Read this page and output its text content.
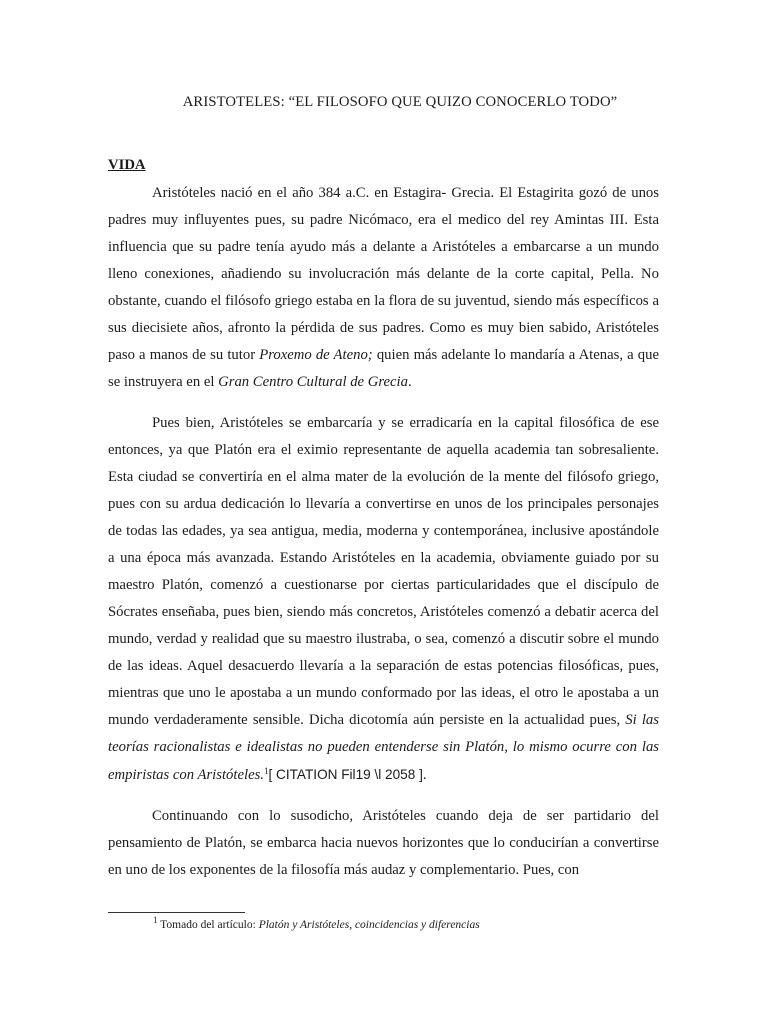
ARISTOTELES: “EL FILOSOFO QUE QUIZO CONOCERLO TODO”
VIDA

Aristóteles nació en el año 384 a.C. en Estagira- Grecia. El Estagirita gozó de unos padres muy influyentes pues, su padre Nicómaco, era el medico del rey Amintas III. Esta influencia que su padre tenía ayudo más a delante a Aristóteles a embarcarse a un mundo lleno conexiones, añadiendo su involucración más delante de la corte capital, Pella. No obstante, cuando el filósofo griego estaba en la flora de su juventud, siendo más específicos a sus diecisiete años, afronto la pérdida de sus padres. Como es muy bien sabido, Aristóteles paso a manos de su tutor Proxemo de Ateno; quien más adelante lo mandaría a Atenas, a que se instruyera en el Gran Centro Cultural de Grecia.

Pues bien, Aristóteles se embarcaría y se erradicaría en la capital filosófica de ese entonces, ya que Platón era el eximio representante de aquella academia tan sobresaliente. Esta ciudad se convertiría en el alma mater de la evolución de la mente del filósofo griego, pues con su ardua dedicación lo llevaría a convertirse en unos de los principales personajes de todas las edades, ya sea antigua, media, moderna y contemporánea, inclusive apostándole a una época más avanzada. Estando Aristóteles en la academia, obviamente guiado por su maestro Platón, comenzó a cuestionarse por ciertas particularidades que el discípulo de Sócrates enseñaba, pues bien, siendo más concretos, Aristóteles comenzó a debatir acerca del mundo, verdad y realidad que su maestro ilustraba, o sea, comenzó a discutir sobre el mundo de las ideas. Aquel desacuerdo llevaría a la separación de estas potencias filosóficas, pues, mientras que uno le apostaba a un mundo conformado por las ideas, el otro le apostaba a un mundo verdaderamente sensible. Dicha dicotomía aún persiste en la actualidad pues, Si las teorías racionalistas e idealistas no pueden entenderse sin Platón, lo mismo ocurre con las empiristas con Aristóteles.$^1$[ CITATION Fil19 \l 2058 ].

Continuando con lo susodicho, Aristóteles cuando deja de ser partidario del pensamiento de Platón, se embarca hacia nuevos horizontes que lo conducirían a convertirse en uno de los exponentes de la filosofía más audaz y complementario. Pues, con

$^1$ Tomado del artículo: Platón y Aristóteles, coincidencias y diferencias
